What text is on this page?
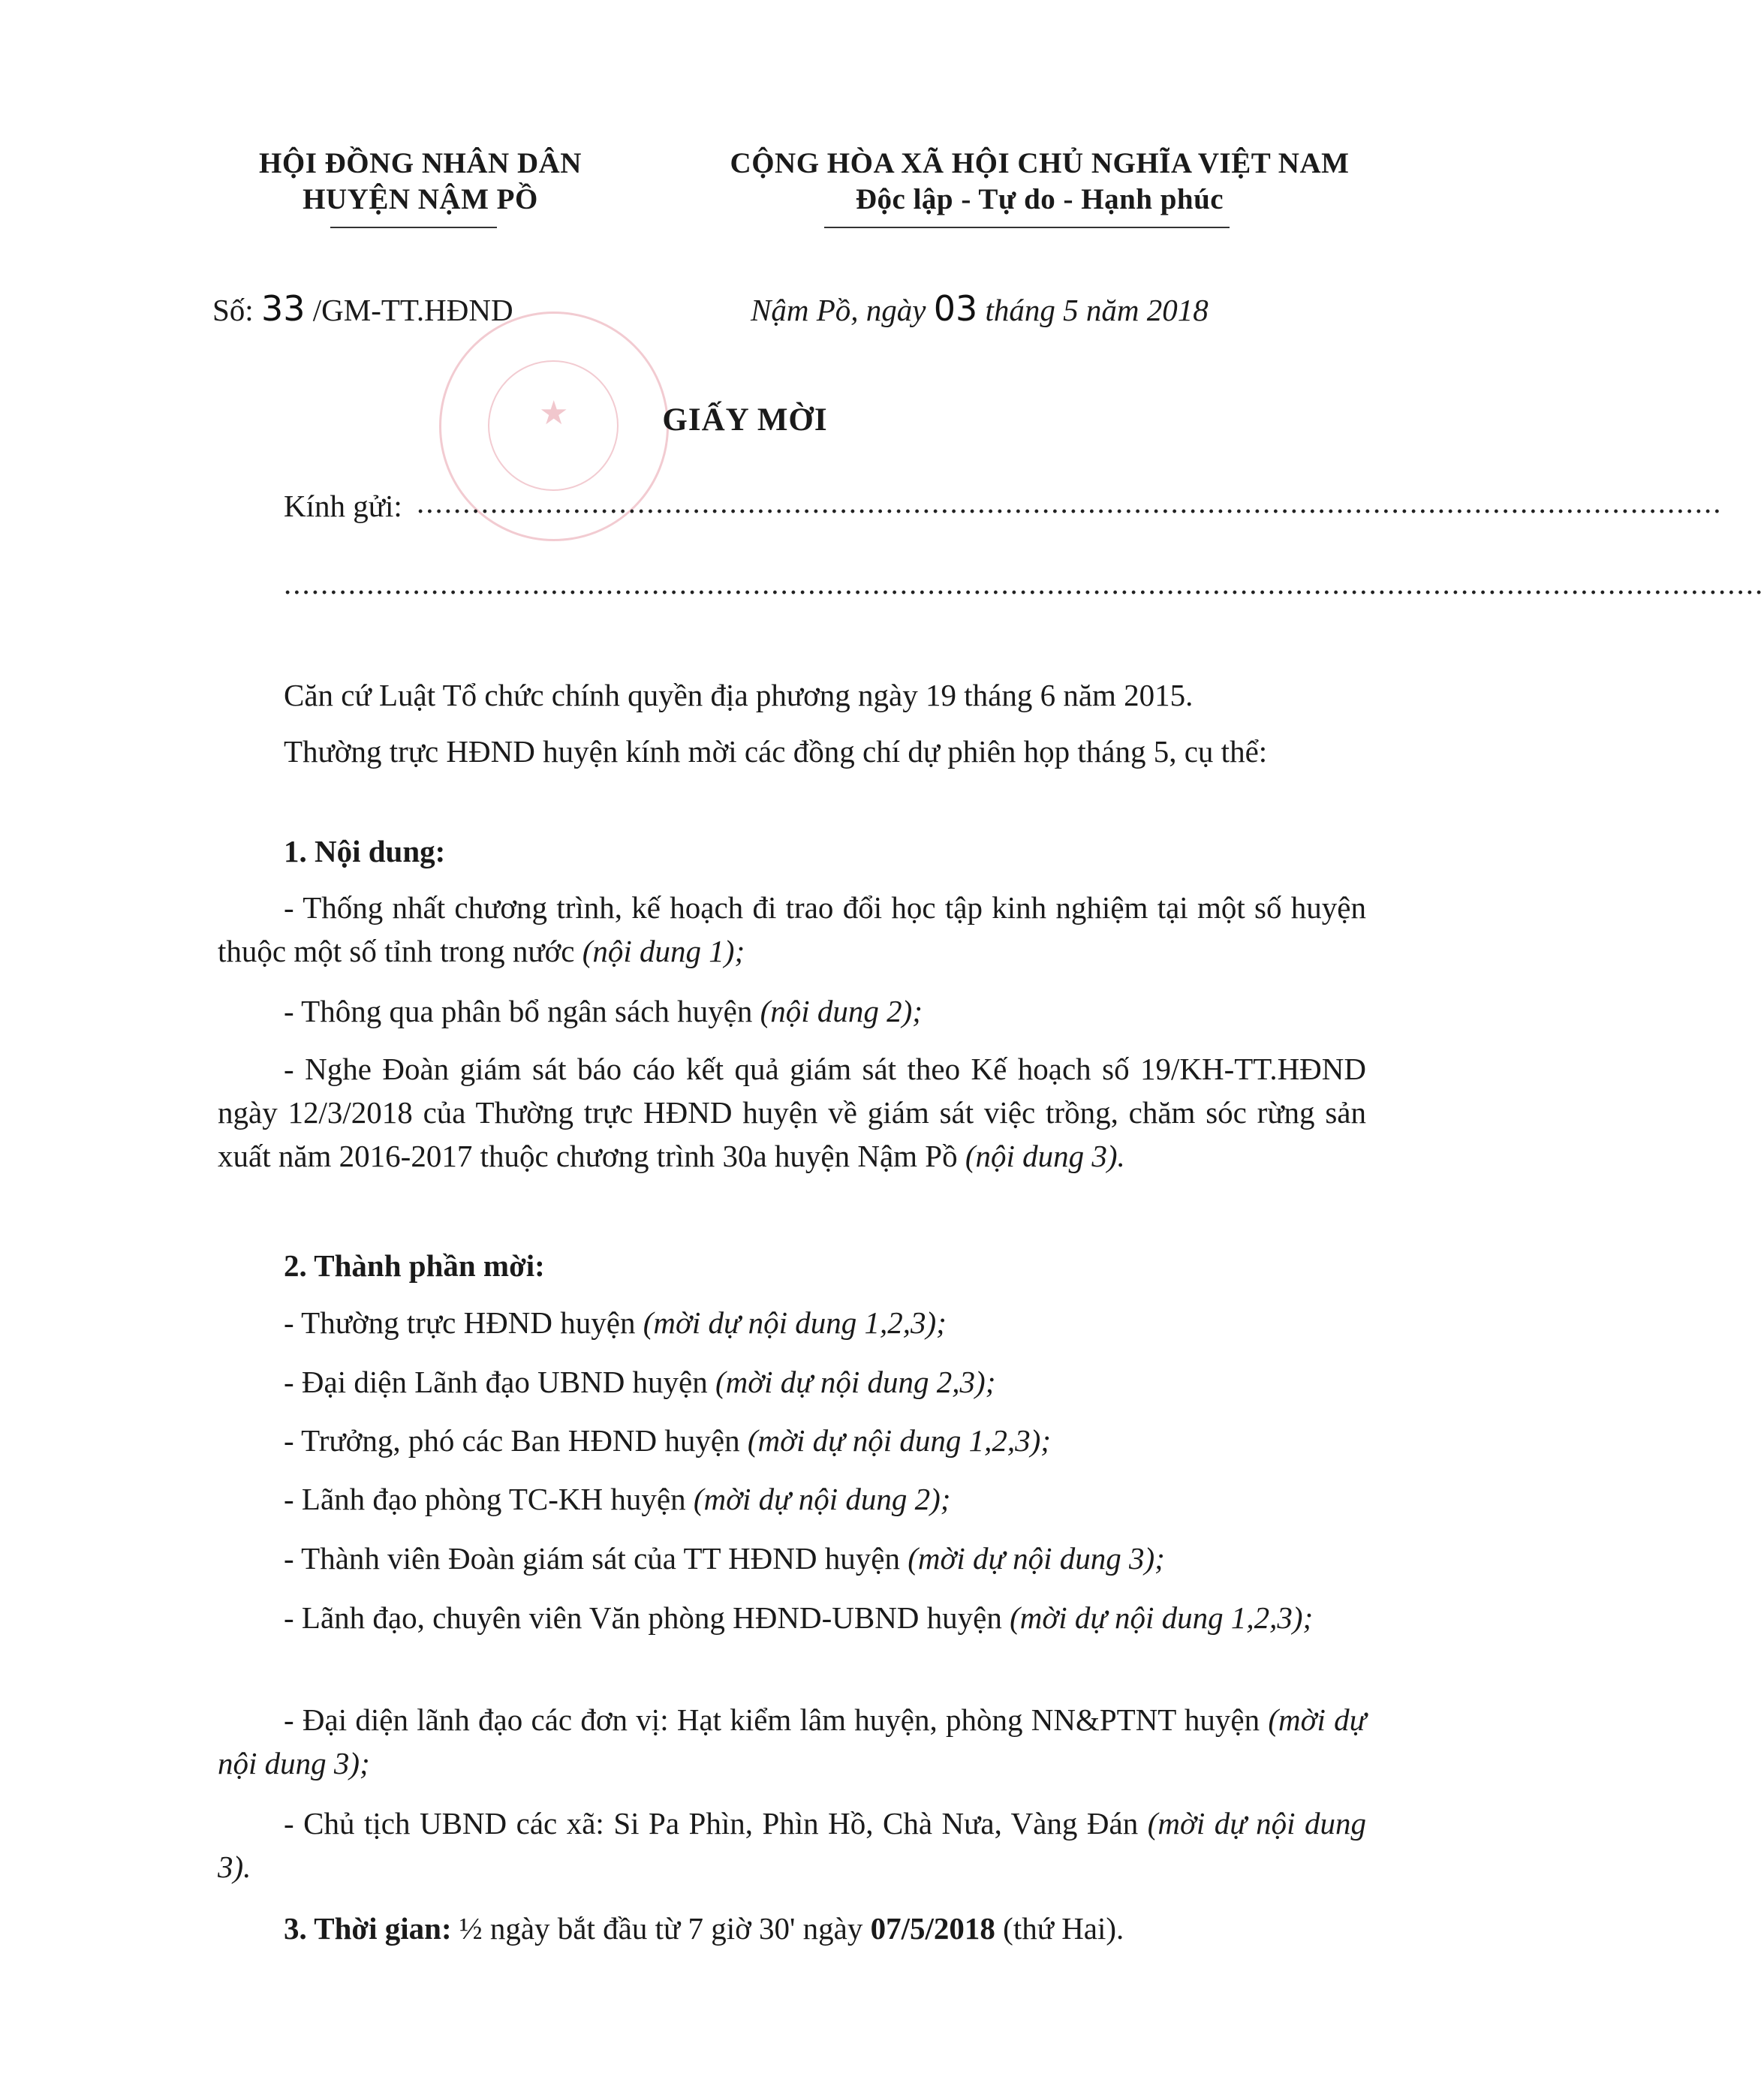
HỘI ĐỒNG NHÂN DÂN
HUYỆN NẬM PỒ
CỘNG HÒA XÃ HỘI CHỦ NGHĨA VIỆT NAM
Độc lập - Tự do - Hạnh phúc
Số: 33 /GM-TT.HĐND	Nậm Pồ, ngày 03 tháng 5 năm 2018
★	GIẤY MỜI
Kính gửi: ..............................................................................................................................................
.................................................................................................................................................................
Căn cứ Luật Tổ chức chính quyền địa phương ngày 19 tháng 6 năm 2015.
Thường trực HĐND huyện kính mời các đồng chí dự phiên họp tháng 5, cụ thể:
1. Nội dung:
- Thống nhất chương trình, kế hoạch đi trao đổi học tập kinh nghiệm tại một số huyện thuộc một số tỉnh trong nước (nội dung 1);
- Thông qua phân bổ ngân sách huyện (nội dung 2);
- Nghe Đoàn giám sát báo cáo kết quả giám sát theo Kế hoạch số 19/KH-TT.HĐND ngày 12/3/2018 của Thường trực HĐND huyện về giám sát việc trồng, chăm sóc rừng sản xuất năm 2016-2017 thuộc chương trình 30a huyện Nậm Pồ (nội dung 3).
2. Thành phần mời:
- Thường trực HĐND huyện (mời dự nội dung 1,2,3);
- Đại diện Lãnh đạo UBND huyện (mời dự nội dung 2,3);
- Trưởng, phó các Ban HĐND huyện (mời dự nội dung 1,2,3);
- Lãnh đạo phòng TC-KH huyện (mời dự nội dung 2);
- Thành viên Đoàn giám sát của TT HĐND huyện (mời dự nội dung 3);
- Lãnh đạo, chuyên viên Văn phòng HĐND-UBND huyện (mời dự nội dung 1,2,3);
- Đại diện lãnh đạo các đơn vị: Hạt kiểm lâm huyện, phòng NN&PTNT huyện (mời dự nội dung 3);
- Chủ tịch UBND các xã: Si Pa Phìn, Phìn Hồ, Chà Nưa, Vàng Đán (mời dự nội dung 3).
3. Thời gian: ½ ngày bắt đầu từ 7 giờ 30' ngày 07/5/2018 (thứ Hai).
